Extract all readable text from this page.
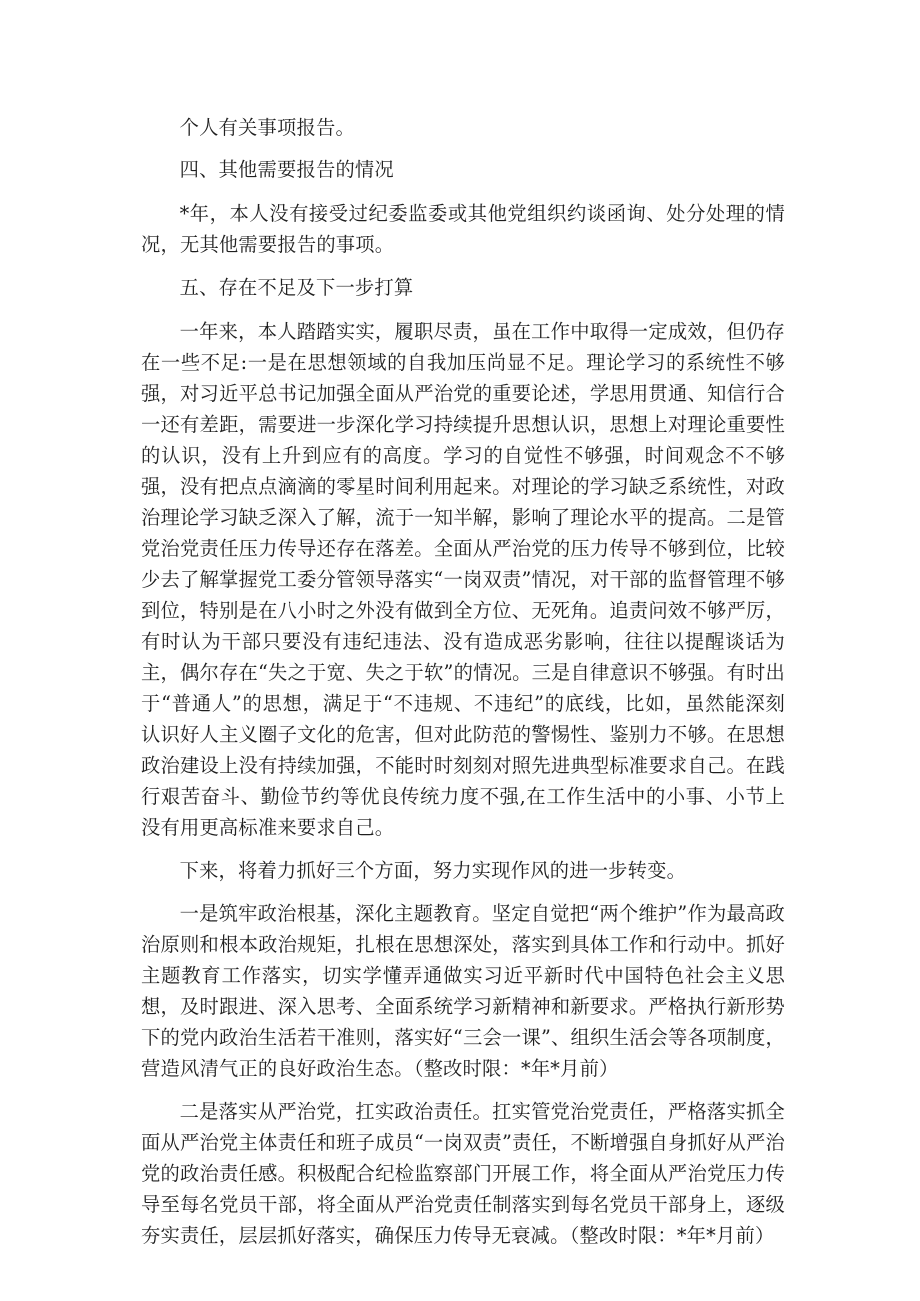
个人有关事项报告。

四、其他需要报告的情况

*年，本人没有接受过纪委监委或其他党组织约谈函询、处分处理的情况，无其他需要报告的事项。

五、存在不足及下一步打算

一年来，本人踏踏实实，履职尽责，虽在工作中取得一定成效，但仍存在一些不足:一是在思想领域的自我加压尚显不足。理论学习的系统性不够强，对习近平总书记加强全面从严治党的重要论述，学思用贯通、知信行合一还有差距，需要进一步深化学习持续提升思想认识，思想上对理论重要性的认识，没有上升到应有的高度。学习的自觉性不够强，时间观念不不够强，没有把点点滴滴的零星时间利用起来。对理论的学习缺乏系统性，对政治理论学习缺乏深入了解，流于一知半解，影响了理论水平的提高。二是管党治党责任压力传导还存在落差。全面从严治党的压力传导不够到位，比较少去了解掌握党工委分管领导落实“一岗双责”情况，对干部的监督管理不够到位，特别是在八小时之外没有做到全方位、无死角。追责问效不够严厉，有时认为干部只要没有违纪违法、没有造成恶劣影响，往往以提醒谈话为主，偶尔存在“失之于宽、失之于软”的情况。三是自律意识不够强。有时出于“普通人”的思想，满足于“不违规、不违纪”的底线，比如，虽然能深刻认识好人主义圈子文化的危害，但对此防范的警惕性、鉴别力不够。在思想政治建设上没有持续加强，不能时时刻刻对照先进典型标准要求自己。在践行艰苦奋斗、勤俭节约等优良传统力度不强,在工作生活中的小事、小节上没有用更高标准来要求自己。

下来，将着力抓好三个方面，努力实现作风的进一步转变。

一是筑牢政治根基，深化主题教育。坚定自觉把“两个维护”作为最高政治原则和根本政治规矩，扎根在思想深处，落实到具体工作和行动中。抓好主题教育工作落实，切实学懂弄通做实习近平新时代中国特色社会主义思想，及时跟进、深入思考、全面系统学习新精神和新要求。严格执行新形势下的党内政治生活若干准则，落实好“三会一课”、组织生活会等各项制度，营造风清气正的良好政治生态。（整改时限：*年*月前）

二是落实从严治党，扛实政治责任。扛实管党治党责任，严格落实抓全面从严治党主体责任和班子成员“一岗双责”责任，不断增强自身抓好从严治党的政治责任感。积极配合纪检监察部门开展工作，将全面从严治党压力传导至每名党员干部，将全面从严治党责任制落实到每名党员干部身上，逐级夯实责任，层层抓好落实，确保压力传导无衰减。（整改时限：*年*月前）
